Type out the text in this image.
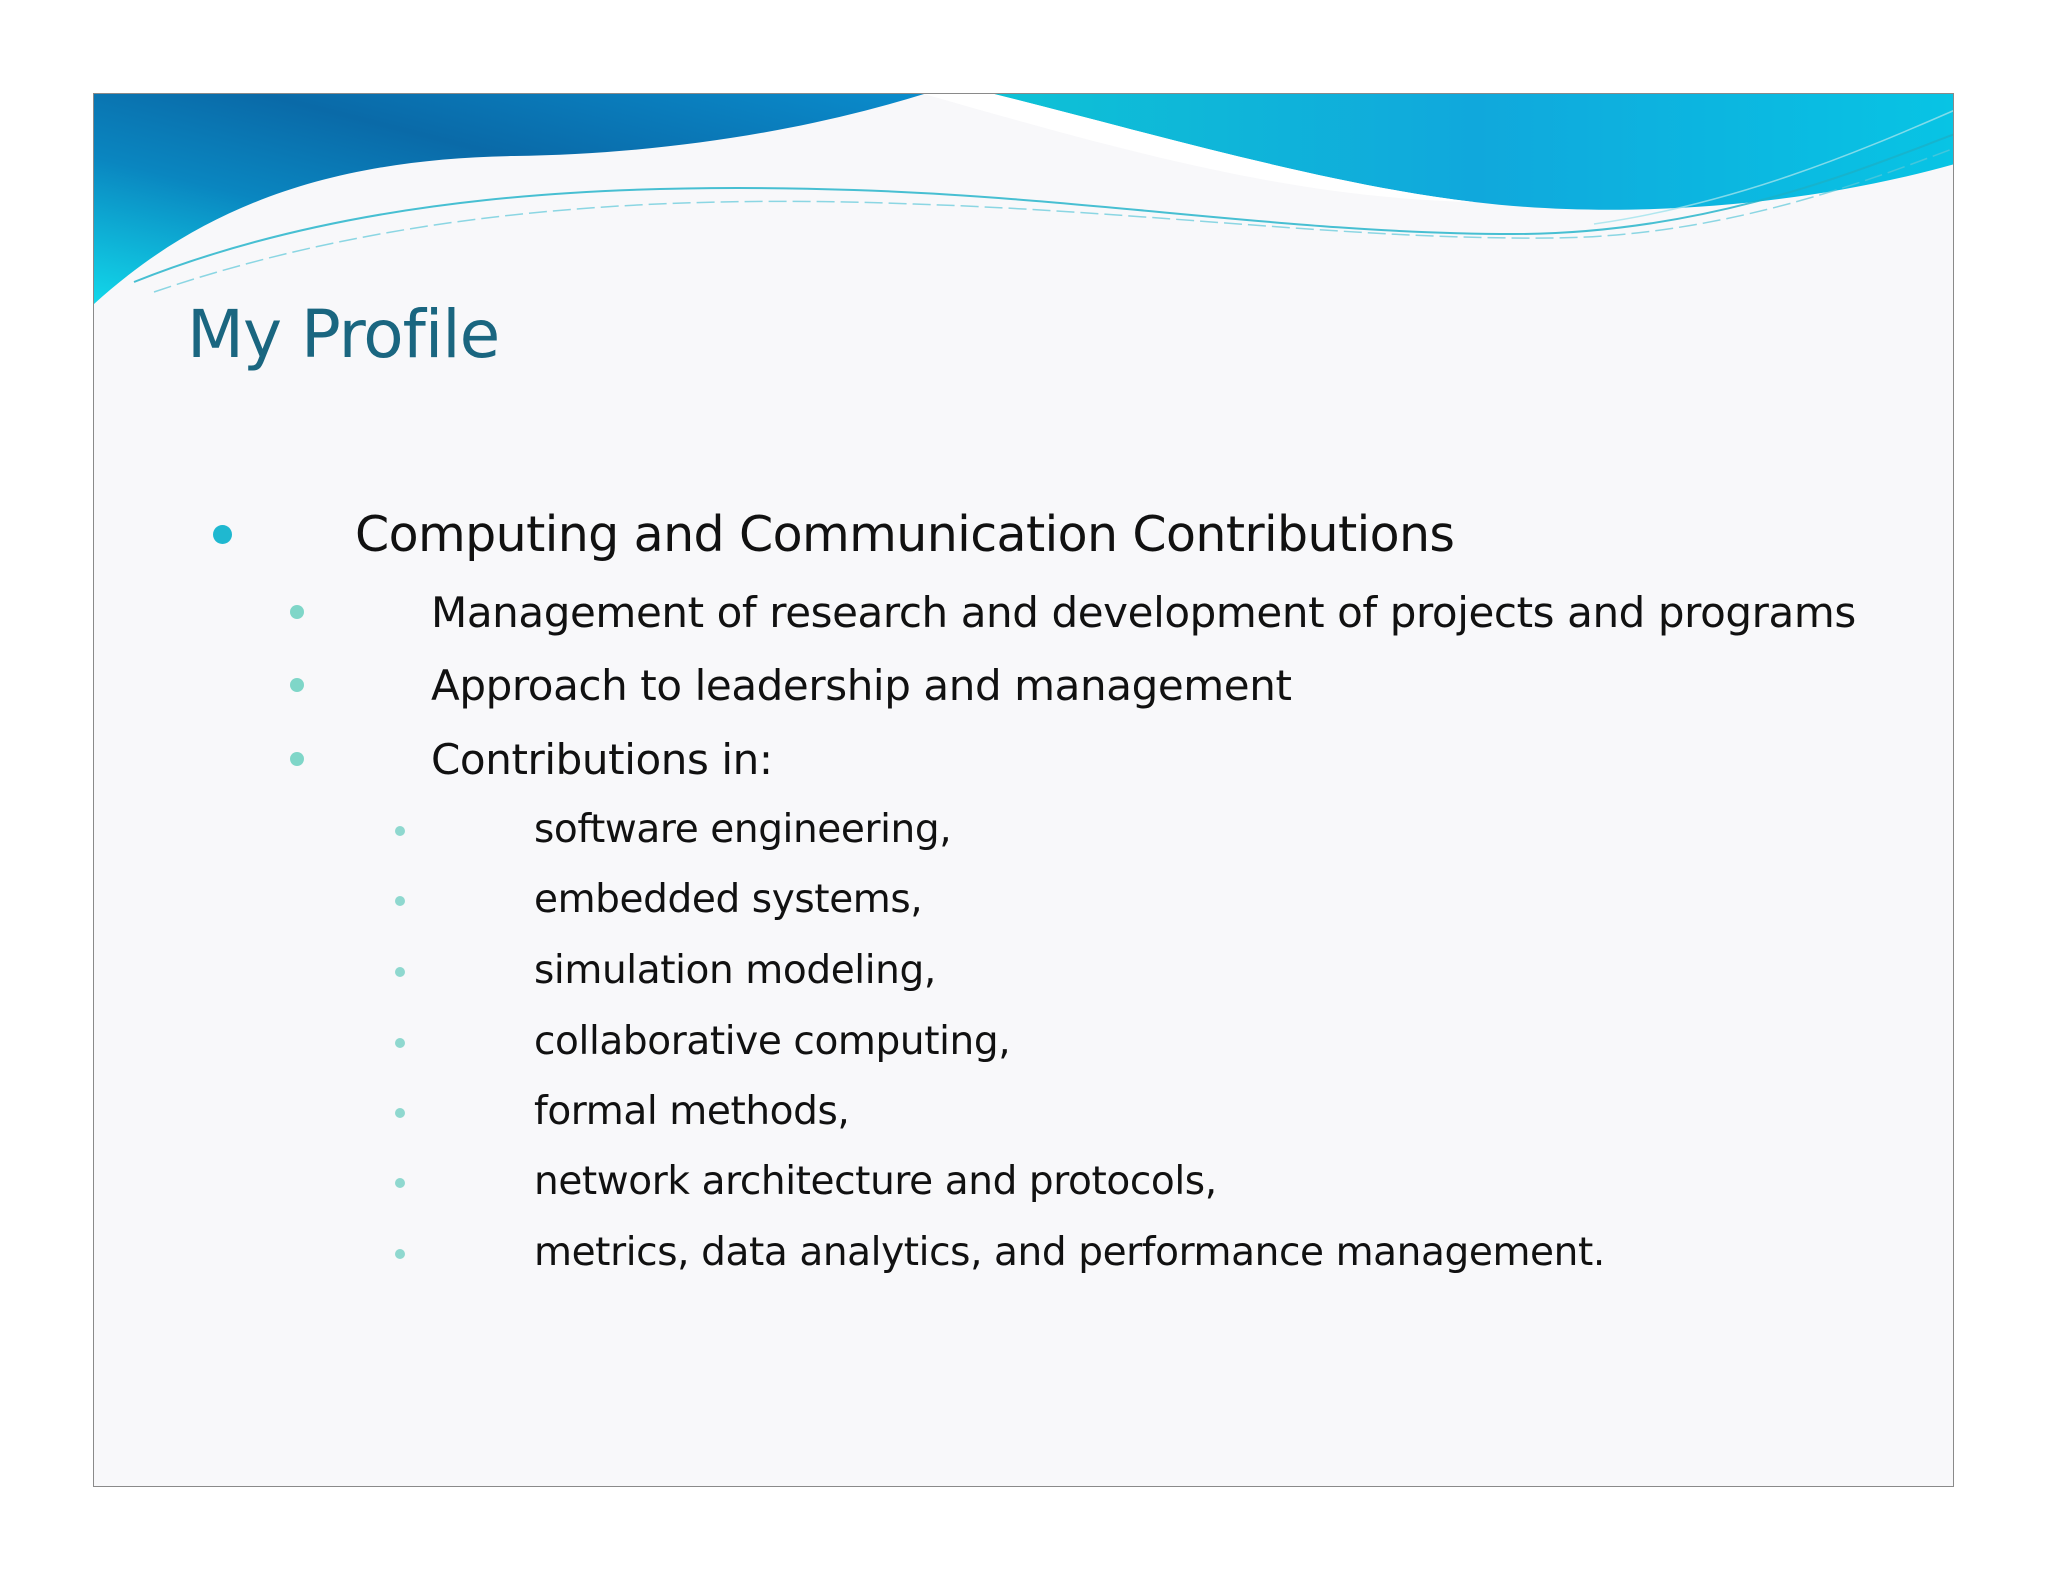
My Profile
Computing and Communication Contributions
Management of research and development of projects and programs
Approach to leadership and management
Contributions in:
software engineering,
embedded systems,
simulation modeling,
collaborative computing,
formal methods,
network architecture and protocols,
metrics, data analytics, and performance management.
